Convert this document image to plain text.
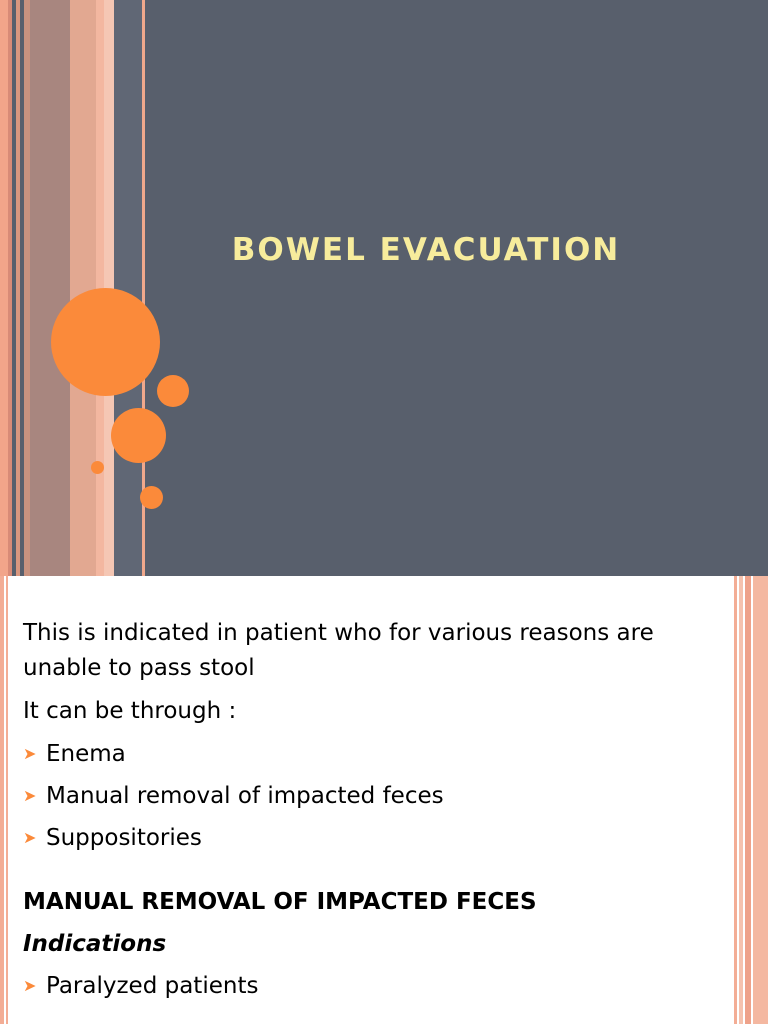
BOWEL EVACUATION

This is indicated in patient who for various reasons are unable to pass stool

It can be through :

➤ Enema
➤ Manual removal of impacted feces
➤ Suppositories
MANUAL REMOVAL OF IMPACTED FECES
Indications
➤ Paralyzed patients
